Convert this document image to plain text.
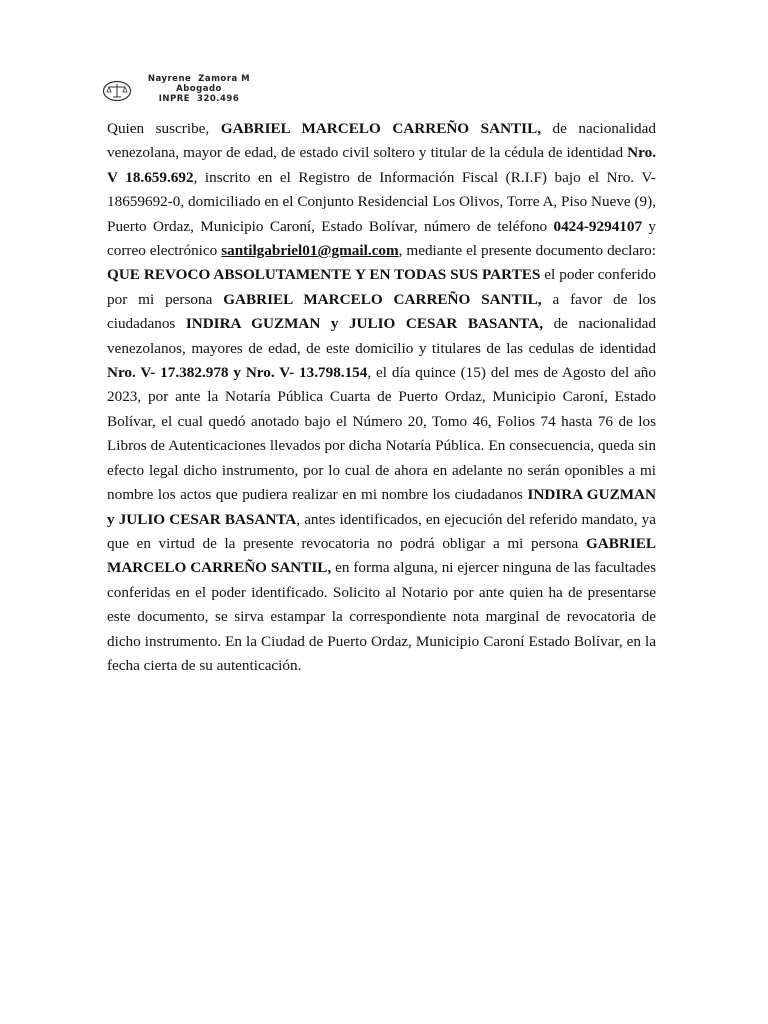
Nayrene  Zamora M
Abogado
INPRE  320.496
Quien suscribe, GABRIEL MARCELO CARREÑO SANTIL, de nacionalidad venezolana, mayor de edad, de estado civil soltero y titular de la cédula de identidad Nro. V 18.659.692, inscrito en el Registro de Información Fiscal (R.I.F) bajo el Nro. V-18659692-0, domiciliado en el Conjunto Residencial Los Olivos, Torre A, Piso Nueve (9), Puerto Ordaz, Municipio Caroní, Estado Bolívar, número de teléfono 0424-9294107 y correo electrónico santilgabriel01@gmail.com, mediante el presente documento declaro: QUE REVOCO ABSOLUTAMENTE Y EN TODAS SUS PARTES el poder conferido por mi persona GABRIEL MARCELO CARREÑO SANTIL, a favor de los ciudadanos INDIRA GUZMAN y JULIO CESAR BASANTA, de nacionalidad venezolanos, mayores de edad, de este domicilio y titulares de las cedulas de identidad Nro. V- 17.382.978 y Nro. V- 13.798.154, el día quince (15) del mes de Agosto del año 2023, por ante la Notaría Pública Cuarta de Puerto Ordaz, Municipio Caroní, Estado Bolívar, el cual quedó anotado bajo el Número 20, Tomo 46, Folios 74 hasta 76 de los Libros de Autenticaciones llevados por dicha Notaría Pública. En consecuencia, queda sin efecto legal dicho instrumento, por lo cual de ahora en adelante no serán oponibles a mi nombre los actos que pudiera realizar en mi nombre los ciudadanos INDIRA GUZMAN y JULIO CESAR BASANTA, antes identificados, en ejecución del referido mandato, ya que en virtud de la presente revocatoria no podrá obligar a mi persona GABRIEL MARCELO CARREÑO SANTIL, en forma alguna, ni ejercer ninguna de las facultades conferidas en el poder identificado. Solicito al Notario por ante quien ha de presentarse este documento, se sirva estampar la correspondiente nota marginal de revocatoria de dicho instrumento. En la Ciudad de Puerto Ordaz, Municipio Caroní Estado Bolívar, en la fecha cierta de su autenticación.
